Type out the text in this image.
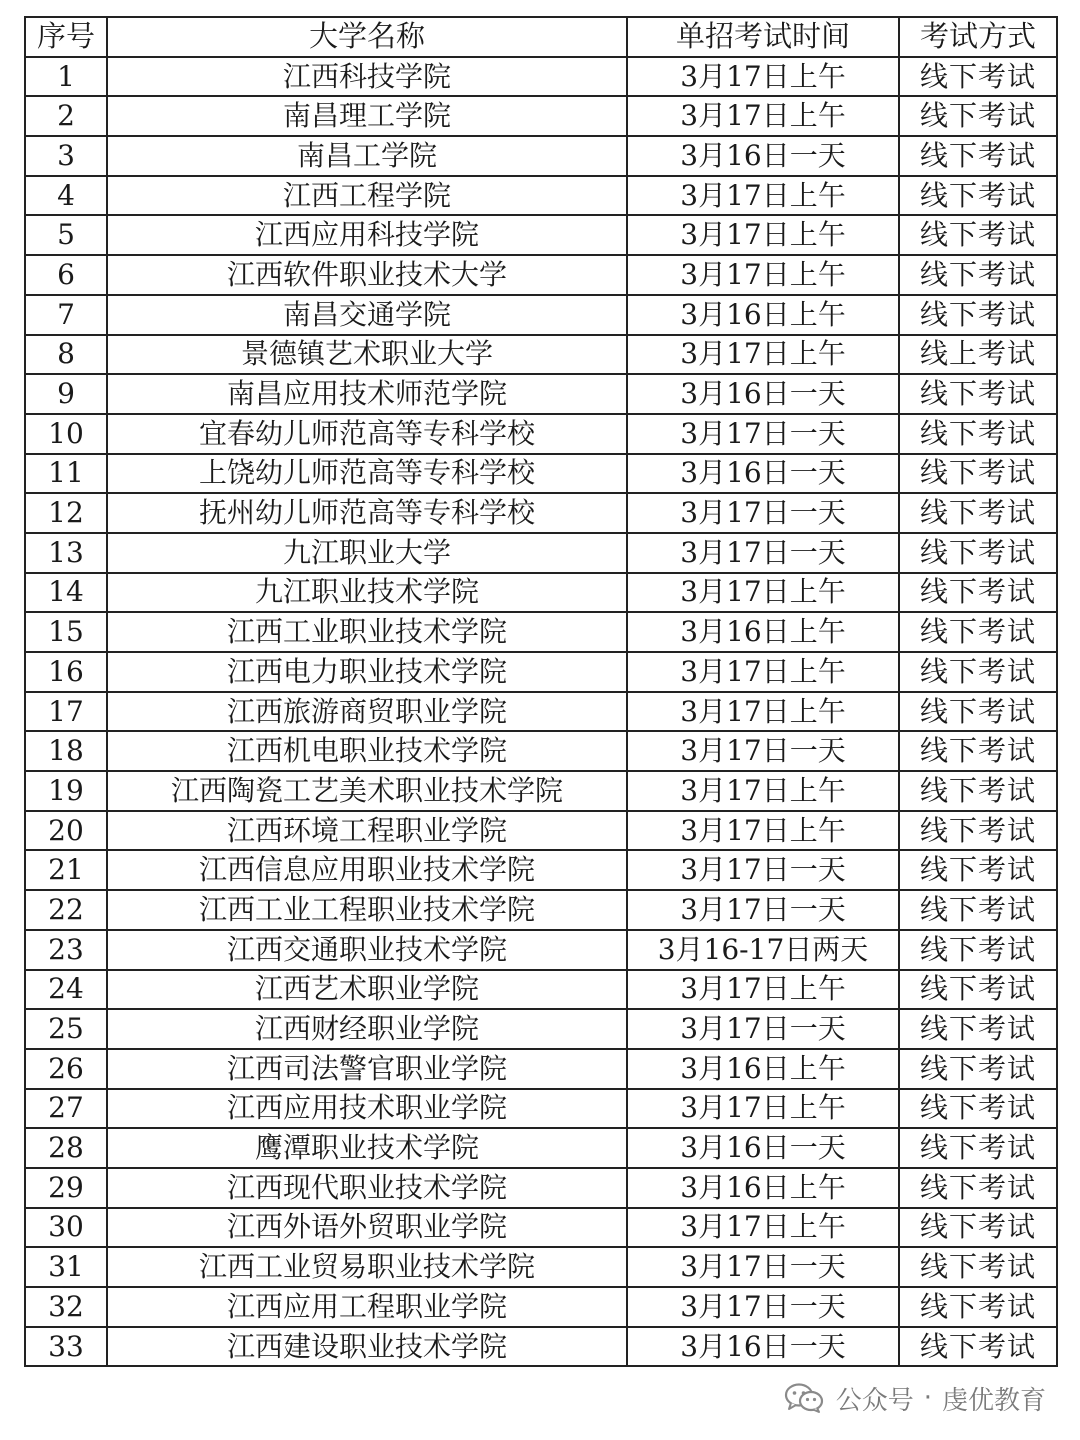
序号	大学名称	单招考试时间	考试方式
1	江西科技学院	3月17日上午	线下考试
2	南昌理工学院	3月17日上午	线下考试
3	南昌工学院	3月16日一天	线下考试
4	江西工程学院	3月17日上午	线下考试
5	江西应用科技学院	3月17日上午	线下考试
6	江西软件职业技术大学	3月17日上午	线下考试
7	南昌交通学院	3月16日上午	线下考试
8	景德镇艺术职业大学	3月17日上午	线上考试
9	南昌应用技术师范学院	3月16日一天	线下考试
10	宜春幼儿师范高等专科学校	3月17日一天	线下考试
11	上饶幼儿师范高等专科学校	3月16日一天	线下考试
12	抚州幼儿师范高等专科学校	3月17日一天	线下考试
13	九江职业大学	3月17日一天	线下考试
14	九江职业技术学院	3月17日上午	线下考试
15	江西工业职业技术学院	3月16日上午	线下考试
16	江西电力职业技术学院	3月17日上午	线下考试
17	江西旅游商贸职业学院	3月17日上午	线下考试
18	江西机电职业技术学院	3月17日一天	线下考试
19	江西陶瓷工艺美术职业技术学院	3月17日上午	线下考试
20	江西环境工程职业学院	3月17日上午	线下考试
21	江西信息应用职业技术学院	3月17日一天	线下考试
22	江西工业工程职业技术学院	3月17日一天	线下考试
23	江西交通职业技术学院	3月16-17日两天	线下考试
24	江西艺术职业学院	3月17日上午	线下考试
25	江西财经职业学院	3月17日一天	线下考试
26	江西司法警官职业学院	3月16日上午	线下考试
27	江西应用技术职业学院	3月17日上午	线下考试
28	鹰潭职业技术学院	3月16日一天	线下考试
29	江西现代职业技术学院	3月16日上午	线下考试
30	江西外语外贸职业学院	3月17日上午	线下考试
31	江西工业贸易职业技术学院	3月17日一天	线下考试
32	江西应用工程职业学院	3月17日一天	线下考试
33	江西建设职业技术学院	3月16日一天	线下考试
公众号 · 虔优教育
